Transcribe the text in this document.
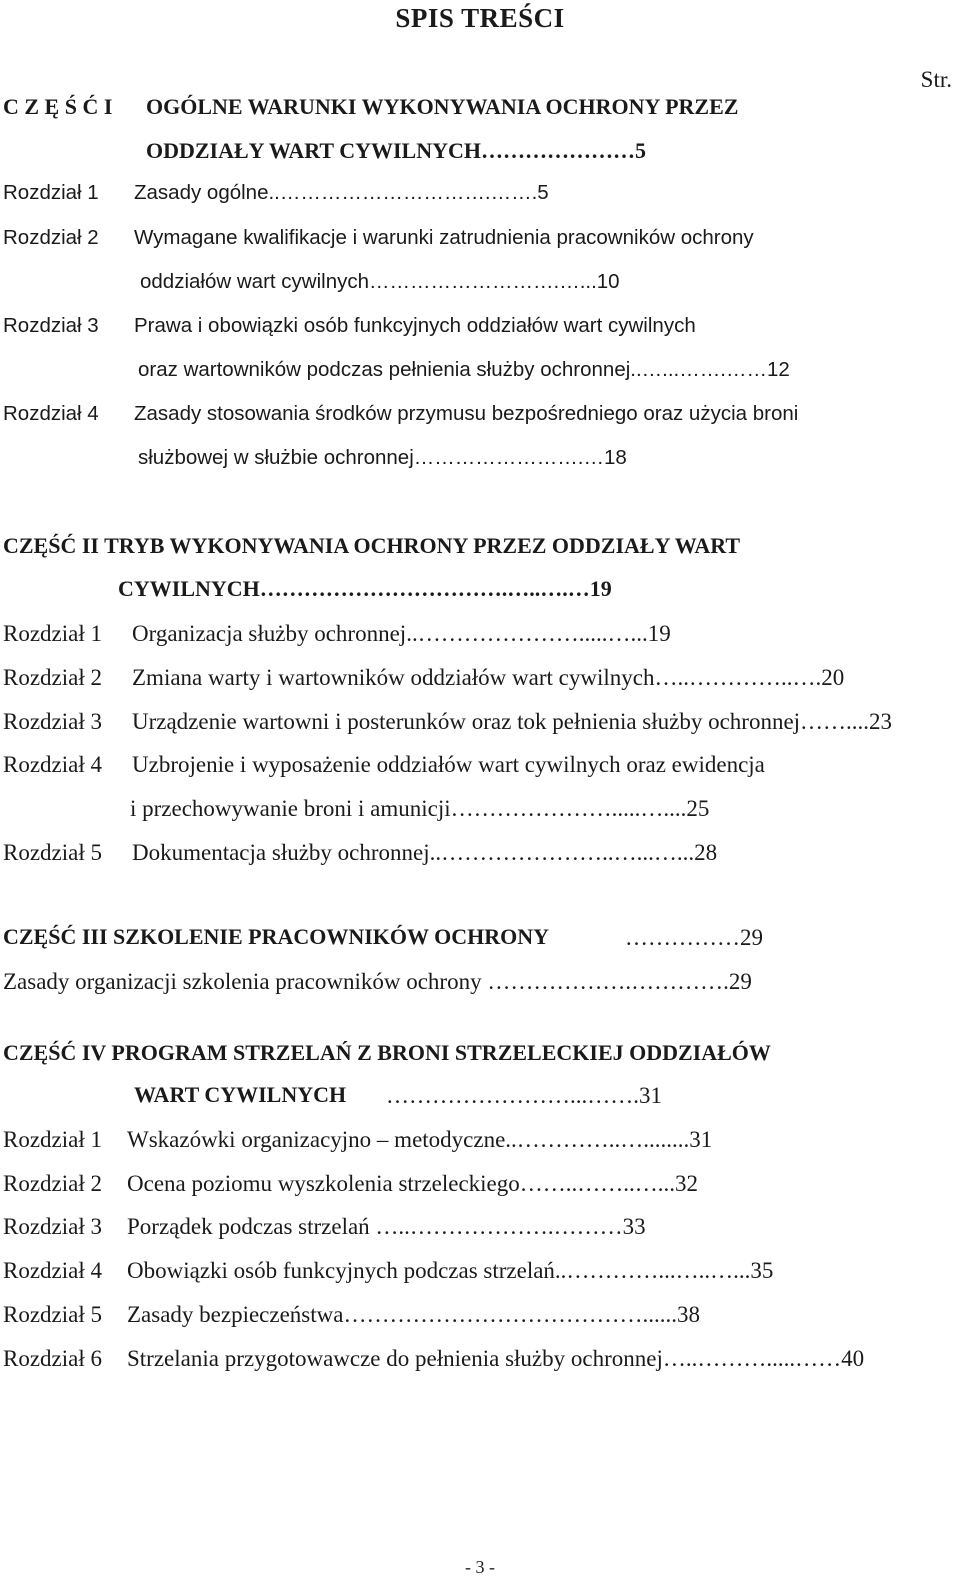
SPIS TREŚCI
Str.
C Z Ę Ś Ć I OGÓLNE WARUNKI WYKONYWANIA OCHRONY PRZEZ
ODDZIAŁY WART CYWILNYCH…………………5
Rozdział 1 Zasady ogólne..………………………….…….5
Rozdział 2 Wymagane kwalifikacje i warunki zatrudnienia pracowników ochrony
oddziałów wart cywilnych……………………….…...10
Rozdział 3 Prawa i obowiązki osób funkcyjnych oddziałów wart cywilnych
oraz wartowników podczas pełnienia służby ochronnej..…...…….……12
Rozdział 4 Zasady stosowania środków przymusu bezpośredniego oraz użycia broni
służbowej w służbie ochronnej…………………….…18
CZĘŚĆ II TRYB WYKONYWANIA OCHRONY PRZEZ ODDZIAŁY WART
CYWILNYCH…………………………….…..….…19
Rozdział 1 Organizacja służby ochronnej..………………….....…...19
Rozdział 2 Zmiana warty i wartowników oddziałów wart cywilnych…..…………..….20
Rozdział 3 Urządzenie wartowni i posterunków oraz tok pełnienia służby ochronnej……....23
Rozdział 4 Uzbrojenie i wyposażenie oddziałów wart cywilnych oraz ewidencja
i przechowywanie broni i amunicji………………….....…....25
Rozdział 5 Dokumentacja służby ochronnej..…………………..…...…...28
CZĘŚĆ III SZKOLENIE PRACOWNIKÓW OCHRONY	……………29
Zasady organizacji szkolenia pracowników ochrony ……………….………….29
CZĘŚĆ IV PROGRAM STRZELAŃ Z BRONI STRZELECKIEJ ODDZIAŁÓW
WART CYWILNYCH ……………………...…….31
Rozdział 1 Wskazówki organizacyjno – metodyczne..…………..…........31
Rozdział 2 Ocena poziomu wyszkolenia strzeleckiego……..……..…...32
Rozdział 3 Porządek podczas strzelań …..……………….………33
Rozdział 4 Obowiązki osób funkcyjnych podczas strzelań..…………...…..…...35
Rozdział 5 Zasady bezpieczeństwa…………………………………......38
Rozdział 6 Strzelania przygotowawcze do pełnienia służby ochronnej…..……….....……40
- 3 -
